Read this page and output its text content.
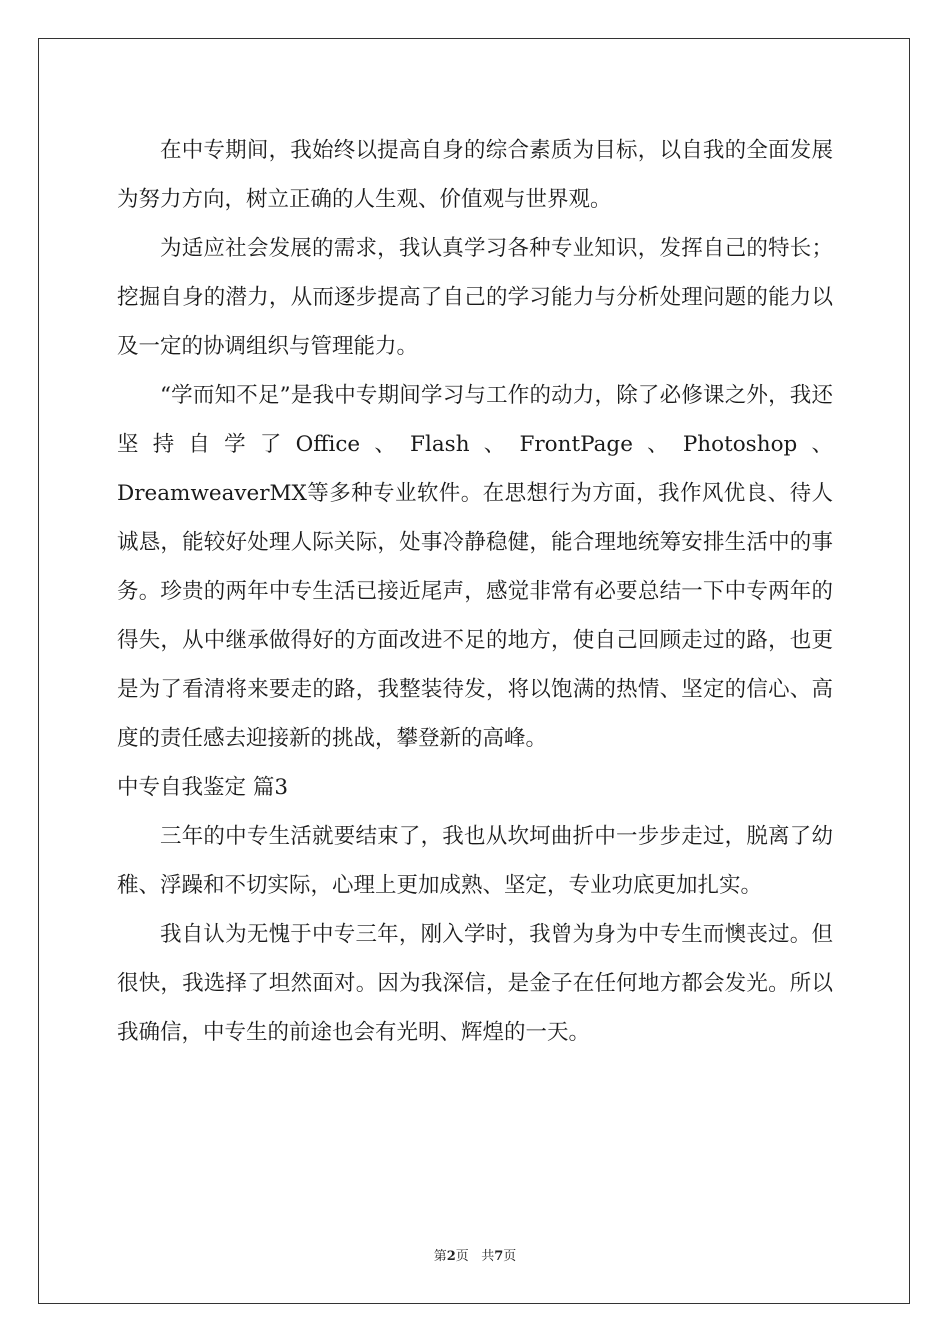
在中专期间，我始终以提高自身的综合素质为目标，以自我的全面发展为努力方向，树立正确的人生观、价值观与世界观。

为适应社会发展的需求，我认真学习各种专业知识，发挥自己的特长；挖掘自身的潜力，从而逐步提高了自己的学习能力与分析处理问题的能力以及一定的协调组织与管理能力。

“学而知不足”是我中专期间学习与工作的动力，除了必修课之外，我还坚持自学了Office、Flash、FrontPage、Photoshop、DreamweaverMX等多种专业软件。在思想行为方面，我作风优良、待人诚恳，能较好处理人际关际，处事冷静稳健，能合理地统筹安排生活中的事务。珍贵的两年中专生活已接近尾声，感觉非常有必要总结一下中专两年的得失，从中继承做得好的方面改进不足的地方，使自己回顾走过的路，也更是为了看清将来要走的路，我整装待发，将以饱满的热情、坚定的信心、高度的责任感去迎接新的挑战，攀登新的高峰。

中专自我鉴定 篇3

三年的中专生活就要结束了，我也从坎坷曲折中一步步走过，脱离了幼稚、浮躁和不切实际，心理上更加成熟、坚定，专业功底更加扎实。

我自认为无愧于中专三年，刚入学时，我曾为身为中专生而懊丧过。但很快，我选择了坦然面对。因为我深信，是金子在任何地方都会发光。所以我确信，中专生的前途也会有光明、辉煌的一天。

第2页 共7页
